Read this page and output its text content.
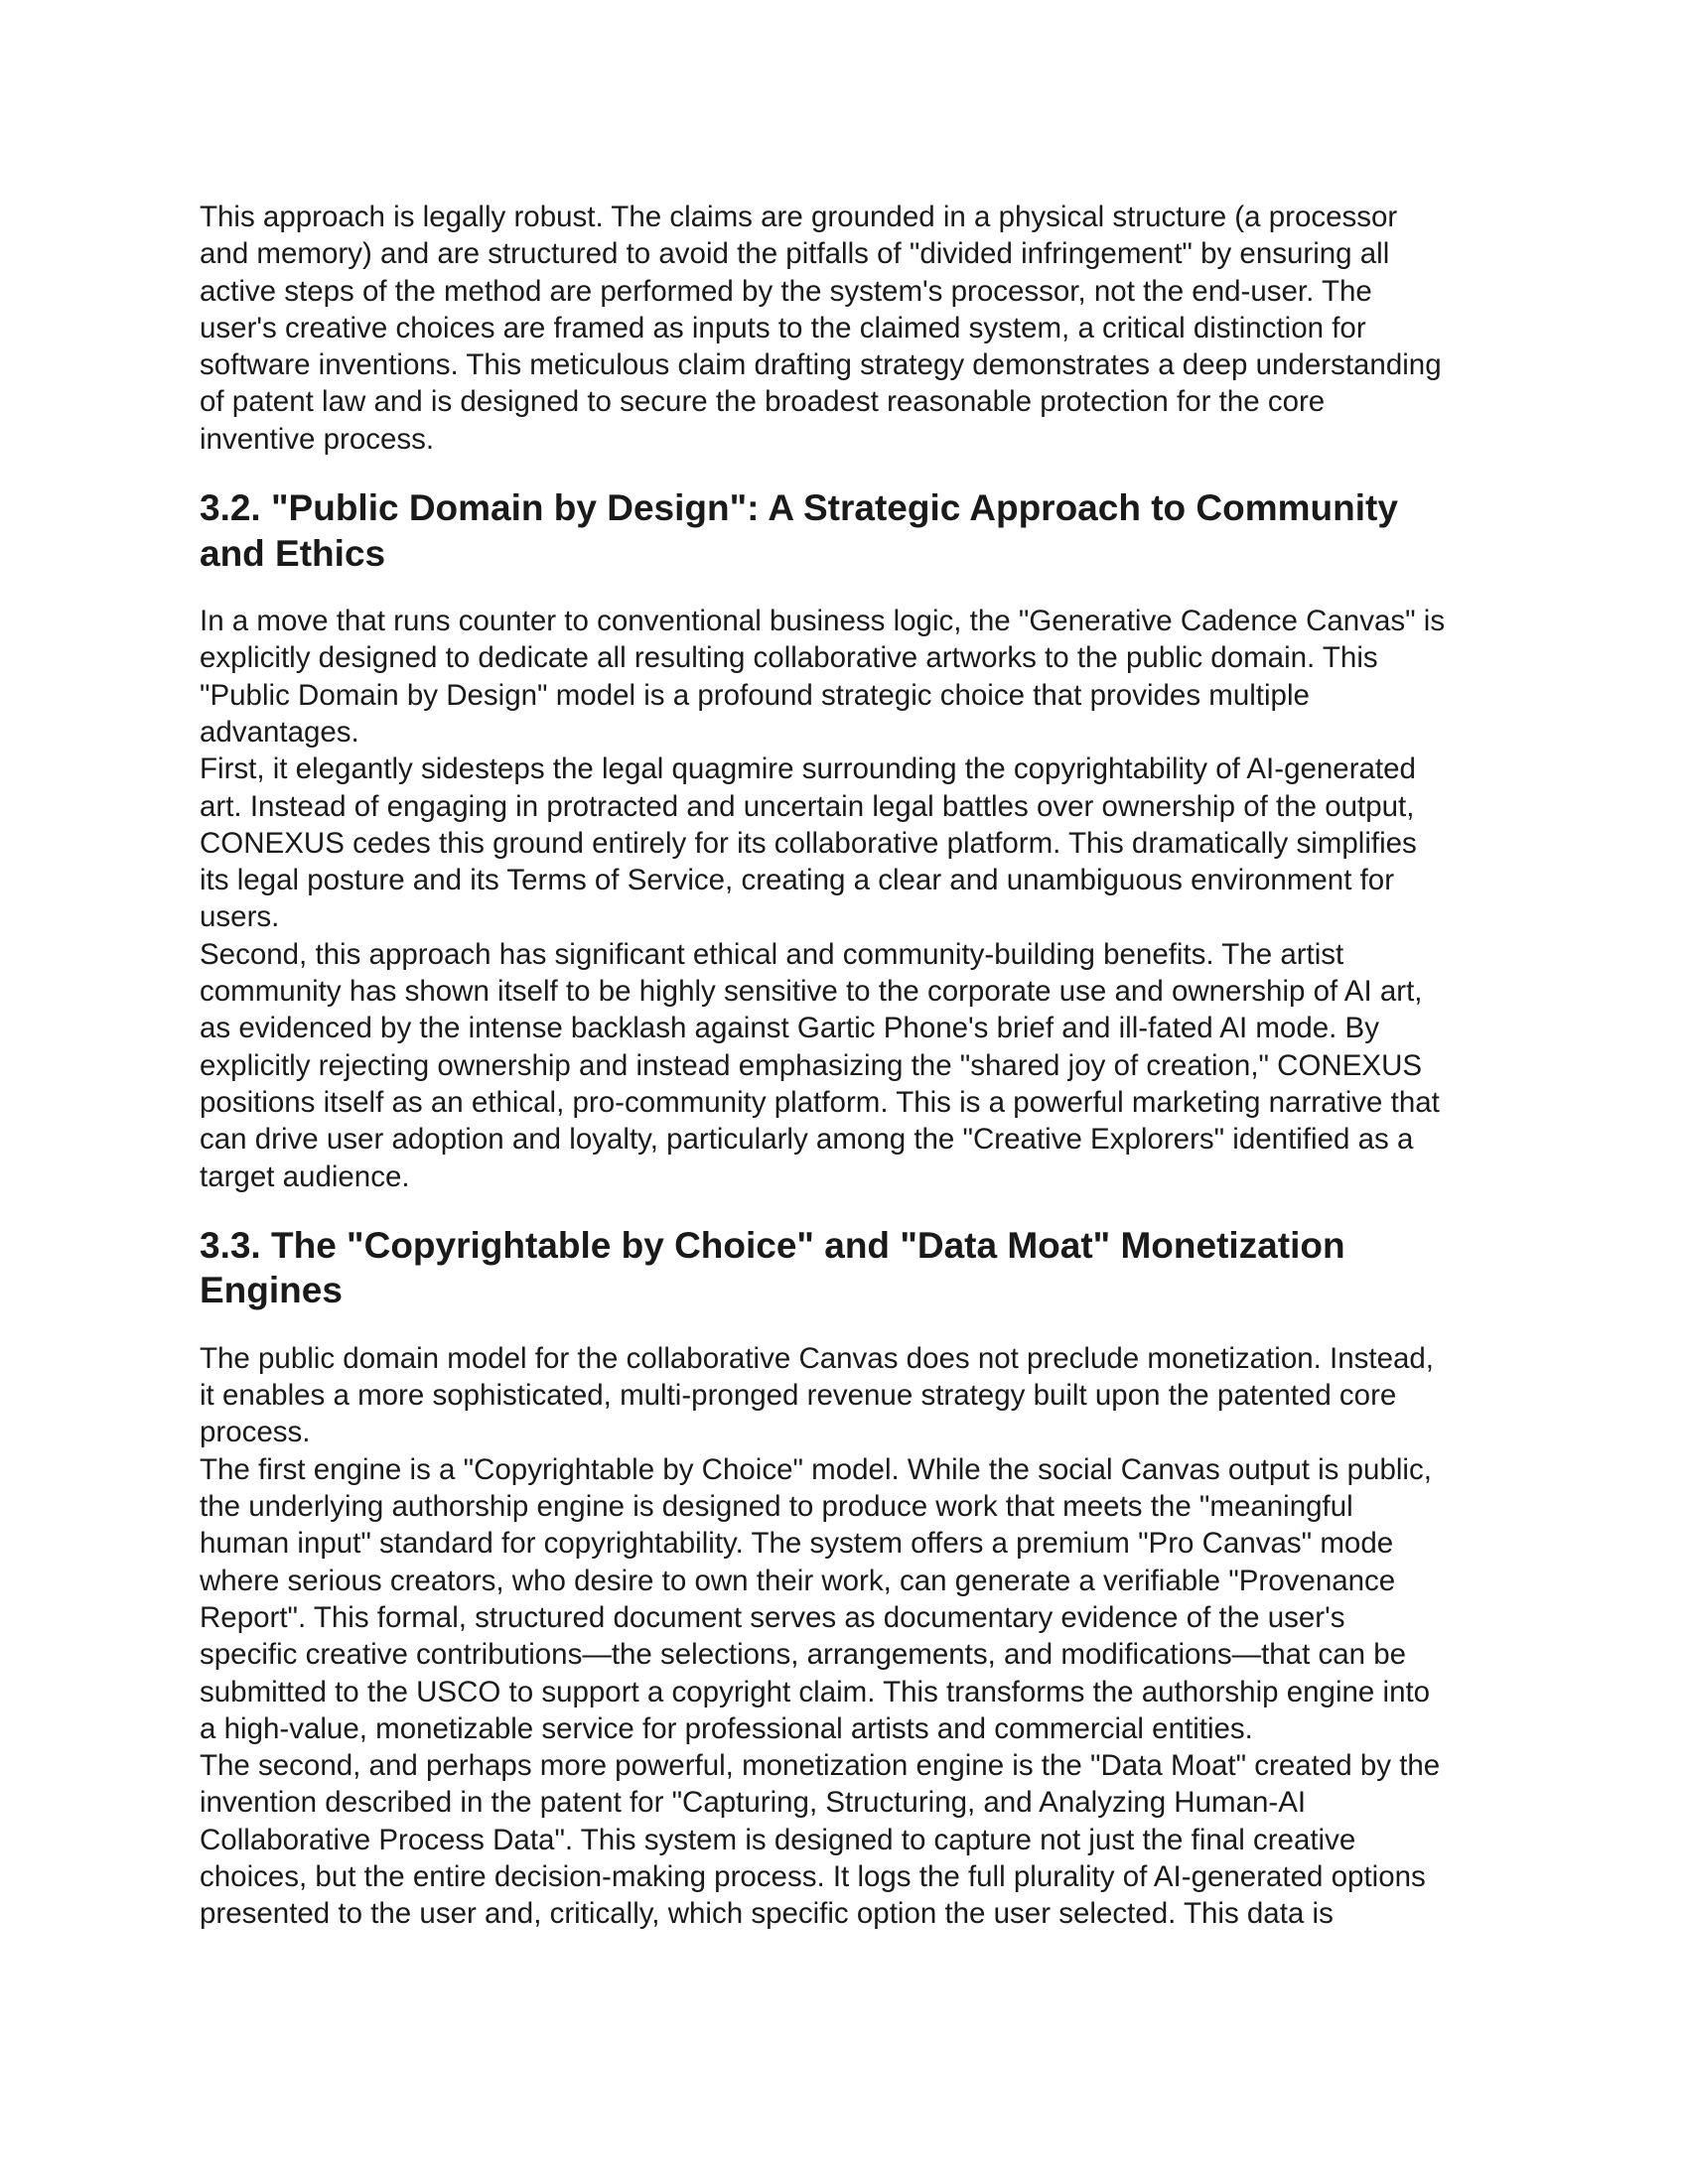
This approach is legally robust. The claims are grounded in a physical structure (a processor
and memory) and are structured to avoid the pitfalls of "divided infringement" by ensuring all
active steps of the method are performed by the system's processor, not the end-user. The
user's creative choices are framed as inputs to the claimed system, a critical distinction for
software inventions. This meticulous claim drafting strategy demonstrates a deep understanding
of patent law and is designed to secure the broadest reasonable protection for the core
inventive process.

3.2. "Public Domain by Design": A Strategic Approach to Community
and Ethics

In a move that runs counter to conventional business logic, the "Generative Cadence Canvas" is
explicitly designed to dedicate all resulting collaborative artworks to the public domain. This
"Public Domain by Design" model is a profound strategic choice that provides multiple
advantages.

First, it elegantly sidesteps the legal quagmire surrounding the copyrightability of AI-generated
art. Instead of engaging in protracted and uncertain legal battles over ownership of the output,
CONEXUS cedes this ground entirely for its collaborative platform. This dramatically simplifies
its legal posture and its Terms of Service, creating a clear and unambiguous environment for
users.

Second, this approach has significant ethical and community-building benefits. The artist
community has shown itself to be highly sensitive to the corporate use and ownership of AI art,
as evidenced by the intense backlash against Gartic Phone's brief and ill-fated AI mode. By
explicitly rejecting ownership and instead emphasizing the "shared joy of creation," CONEXUS
positions itself as an ethical, pro-community platform. This is a powerful marketing narrative that
can drive user adoption and loyalty, particularly among the "Creative Explorers" identified as a
target audience.

3.3. The "Copyrightable by Choice" and "Data Moat" Monetization
Engines

The public domain model for the collaborative Canvas does not preclude monetization. Instead,
it enables a more sophisticated, multi-pronged revenue strategy built upon the patented core
process.

The first engine is a "Copyrightable by Choice" model. While the social Canvas output is public,
the underlying authorship engine is designed to produce work that meets the "meaningful
human input" standard for copyrightability. The system offers a premium "Pro Canvas" mode
where serious creators, who desire to own their work, can generate a verifiable "Provenance
Report". This formal, structured document serves as documentary evidence of the user's
specific creative contributions—the selections, arrangements, and modifications—that can be
submitted to the USCO to support a copyright claim. This transforms the authorship engine into
a high-value, monetizable service for professional artists and commercial entities.

The second, and perhaps more powerful, monetization engine is the "Data Moat" created by the
invention described in the patent for "Capturing, Structuring, and Analyzing Human-AI
Collaborative Process Data". This system is designed to capture not just the final creative
choices, but the entire decision-making process. It logs the full plurality of AI-generated options
presented to the user and, critically, which specific option the user selected. This data is
